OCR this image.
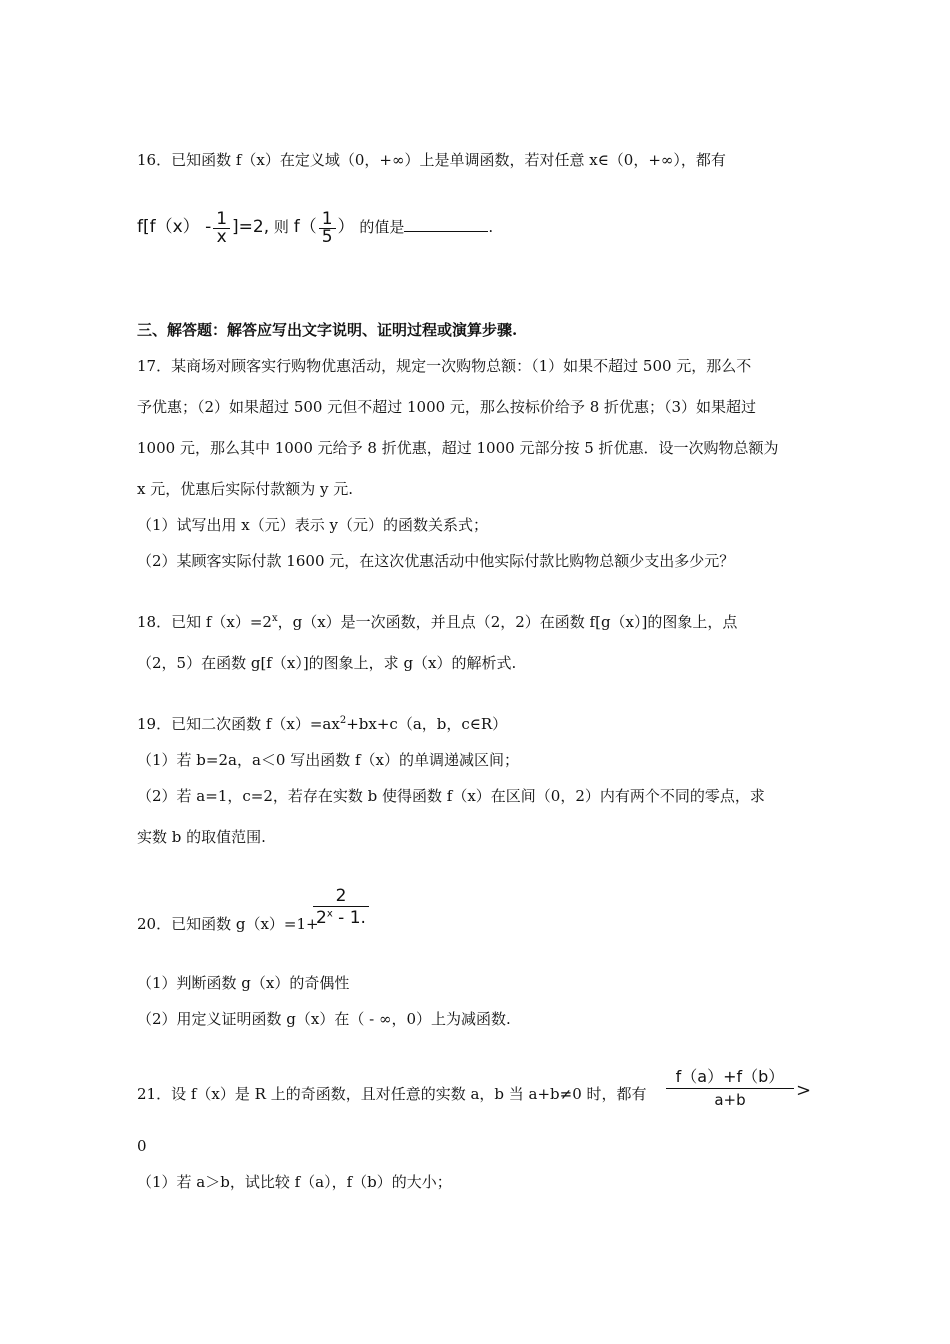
16．已知函数 f（x）在定义域（0，+∞）上是单调函数，若对任意 x∈（0，+∞），都有
$f[f(x) - \frac{1}{x} ]=2$, 则 $f( \frac{1}{5}$ ） 的值是	.
三、解答题：解答应写出文字说明、证明过程或演算步骤.
17．某商场对顾客实行购物优惠活动，规定一次购物总额：（1）如果不超过 500 元，那么不
予优惠；（2）如果超过 500 元但不超过 1000 元，那么按标价给予 8 折优惠；（3）如果超过
1000 元，那么其中 1000 元给予 8 折优惠，超过 1000 元部分按 5 折优惠．设一次购物总额为
x 元，优惠后实际付款额为 y 元.
（1）试写出用 x（元）表示 y（元）的函数关系式；
（2）某顾客实际付款 1600 元，在这次优惠活动中他实际付款比购物总额少支出多少元？
18．已知 $f(x)=2^x$，g（x）是一次函数，并且点（2，2）在函数 f[g（x）]的图象上，点
（2，5）在函数 g[f（x）]的图象上，求 g（x）的解析式.
19．已知二次函数 $f(x)=ax^2+bx+c(a$，b，c∈R）
（1）若 b=2a，a＜0 写出函数 f（x）的单调递减区间；
（2）若 a=1，c=2，若存在实数 b 使得函数 f（x）在区间（0，2）内有两个不同的零点，求
实数 b 的取值范围.
20．已知函数 g（x）=1+
2
2$^x$ - 1.
（1）判断函数 g（x）的奇偶性
（2）用定义证明函数 g（x）在（ - ∞，0）上为减函数.
21．设 f（x）是 R 上的奇函数，且对任意的实数 a，b 当 a+b≠0 时，都有
f（a）+f（b）
a+b	>
0
（1）若 a＞b，试比较 f（a），f（b）的大小；
